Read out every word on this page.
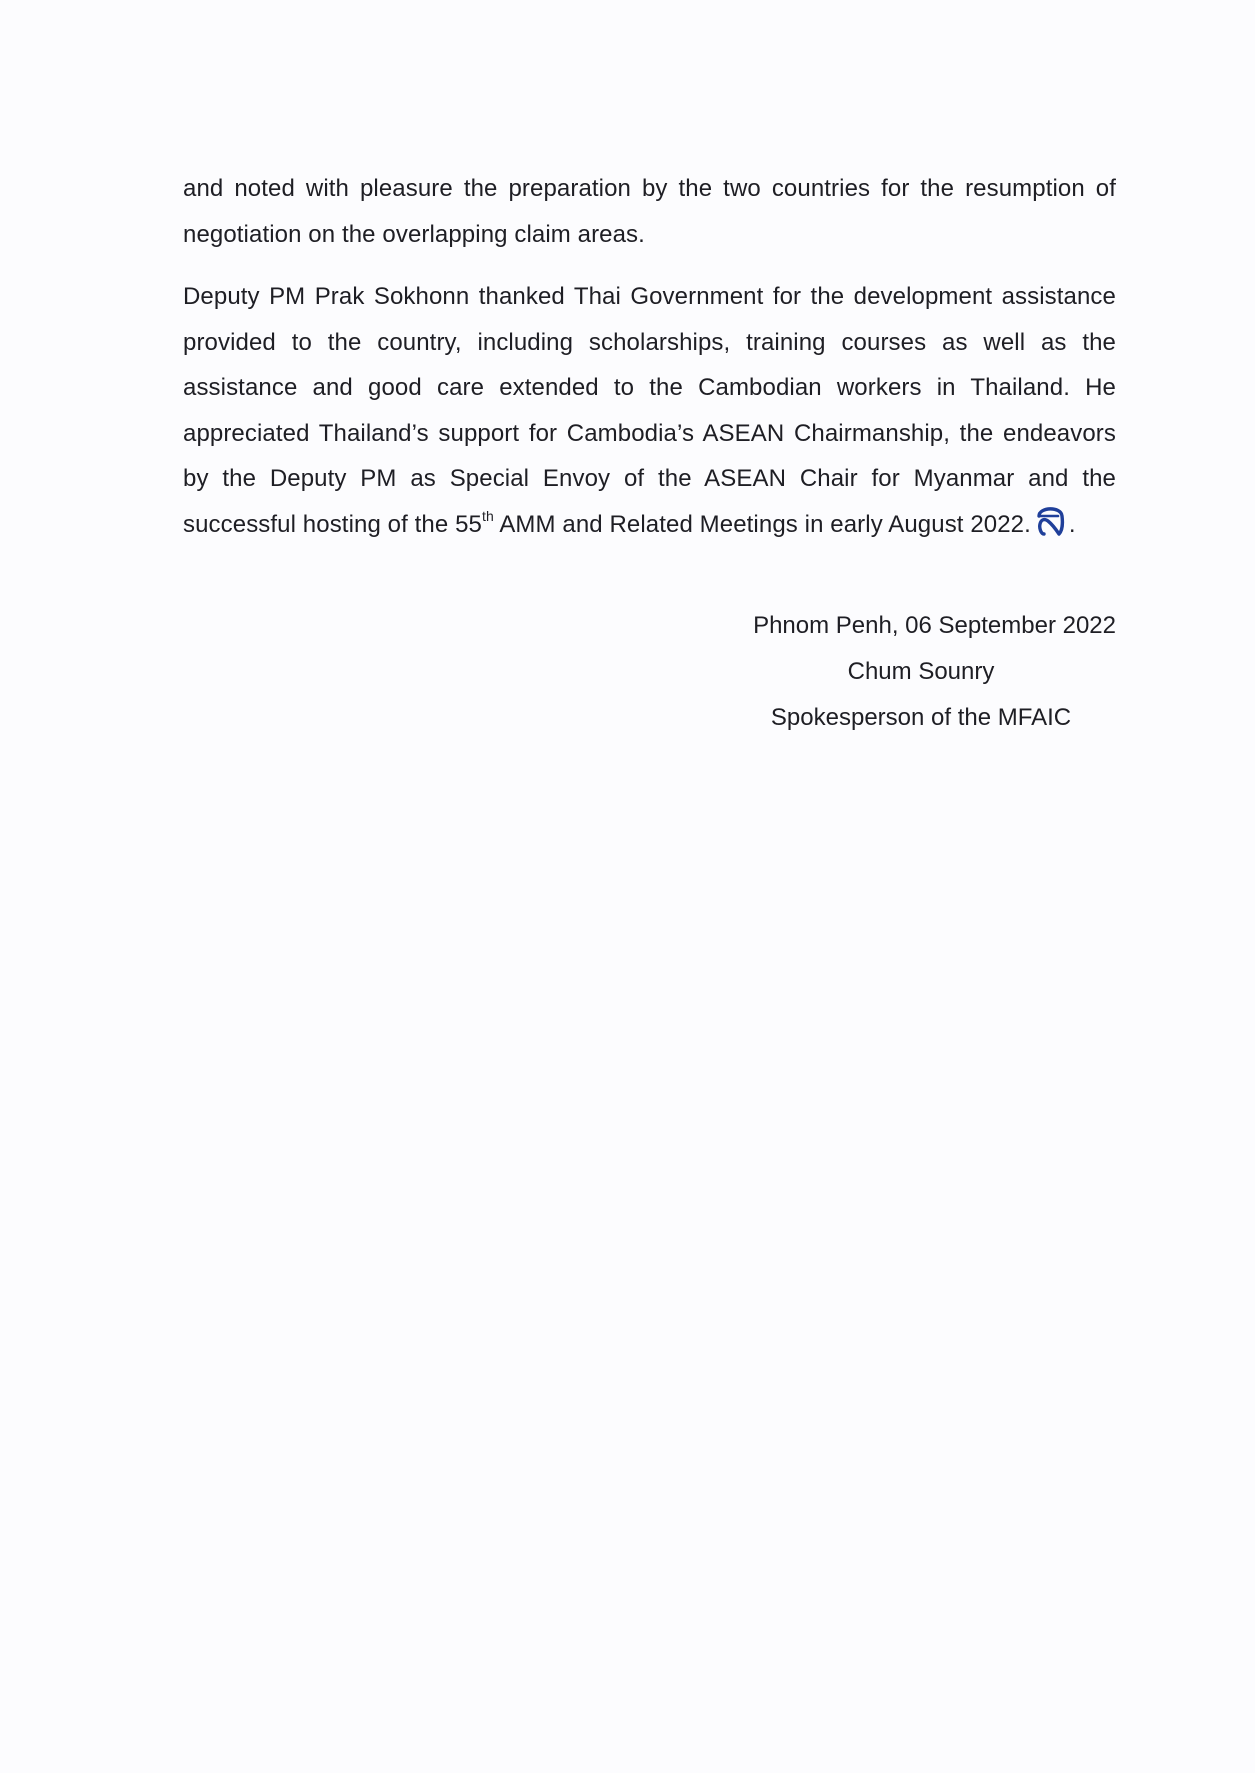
and noted with pleasure the preparation by the two countries for the resumption of negotiation on the overlapping claim areas.

Deputy PM Prak Sokhonn thanked Thai Government for the development assistance provided to the country, including scholarships, training courses as well as the assistance and good care extended to the Cambodian workers in Thailand. He appreciated Thailand’s support for Cambodia’s ASEAN Chairmanship, the endeavors by the Deputy PM as Special Envoy of the ASEAN Chair for Myanmar and the successful hosting of the 55th AMM and Related Meetings in early August 2022. .

Phnom Penh, 06 September 2022
Chum Sounry
Spokesperson of the MFAIC
